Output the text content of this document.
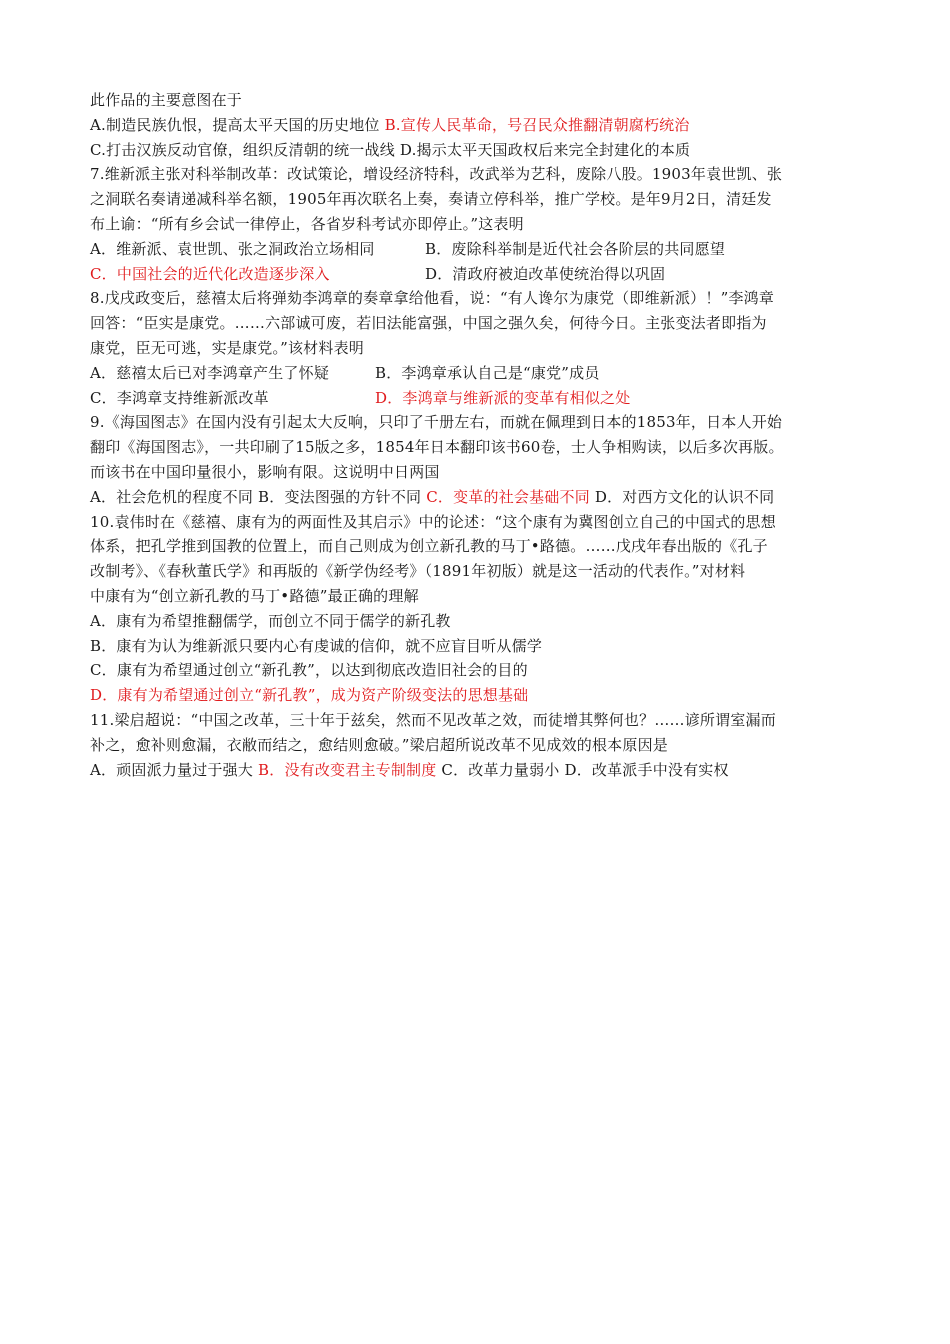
此作品的主要意图在于
A.制造民族仇恨，提高太平天国的历史地位 B.宣传人民革命，号召民众推翻清朝腐朽统治
C.打击汉族反动官僚，组织反清朝的统一战线 D.揭示太平天国政权后来完全封建化的本质
7.维新派主张对科举制改革：改试策论，增设经济特科，改武举为艺科，废除八股。1903年袁世凯、张
之洞联名奏请递减科举名额，1905年再次联名上奏，奏请立停科举，推广学校。是年9月2日，清廷发
布上谕：“所有乡会试一律停止，各省岁科考试亦即停止。”这表明
A．维新派、袁世凯、张之洞政治立场相同	B．废除科举制是近代社会各阶层的共同愿望
C．中国社会的近代化改造逐步深入	D．清政府被迫改革使统治得以巩固
8.戊戌政变后，慈禧太后将弹劾李鸿章的奏章拿给他看，说：“有人谗尔为康党（即维新派）！”李鸿章
回答：“臣实是康党。……六部诚可废，若旧法能富强，中国之强久矣，何待今日。主张变法者即指为
康党，臣无可逃，实是康党。”该材料表明
A．慈禧太后已对李鸿章产生了怀疑	B．李鸿章承认自己是“康党”成员
C．李鸿章支持维新派改革	D．李鸿章与维新派的变革有相似之处
9.《海国图志》在国内没有引起太大反响，只印了千册左右，而就在佩理到日本的1853年，日本人开始
翻印《海国图志》，一共印刷了15版之多，1854年日本翻印该书60卷，士人争相购读，以后多次再版。
而该书在中国印量很小，影响有限。这说明中日两国
A．社会危机的程度不同 B．变法图强的方针不同 C．变革的社会基础不同 D．对西方文化的认识不同
10.袁伟时在《慈禧、康有为的两面性及其启示》中的论述：“这个康有为冀图创立自己的中国式的思想
体系，把孔学推到国教的位置上，而自己则成为创立新孔教的马丁•路德。……戊戌年春出版的《孔子
改制考》、《春秋董氏学》和再版的《新学伪经考》（1891年初版）就是这一活动的代表作。”对材料
中康有为“创立新孔教的马丁•路德”最正确的理解
A．康有为希望推翻儒学，而创立不同于儒学的新孔教
B．康有为认为维新派只要内心有虔诚的信仰，就不应盲目听从儒学
C．康有为希望通过创立“新孔教”，以达到彻底改造旧社会的目的
D．康有为希望通过创立“新孔教”，成为资产阶级变法的思想基础
11.梁启超说：“中国之改革，三十年于兹矣，然而不见改革之效，而徒增其弊何也？……谚所谓室漏而
补之，愈补则愈漏，衣敝而结之，愈结则愈破。”梁启超所说改革不见成效的根本原因是
A．顽固派力量过于强大 B．没有改变君主专制制度 C．改革力量弱小 D．改革派手中没有实权
